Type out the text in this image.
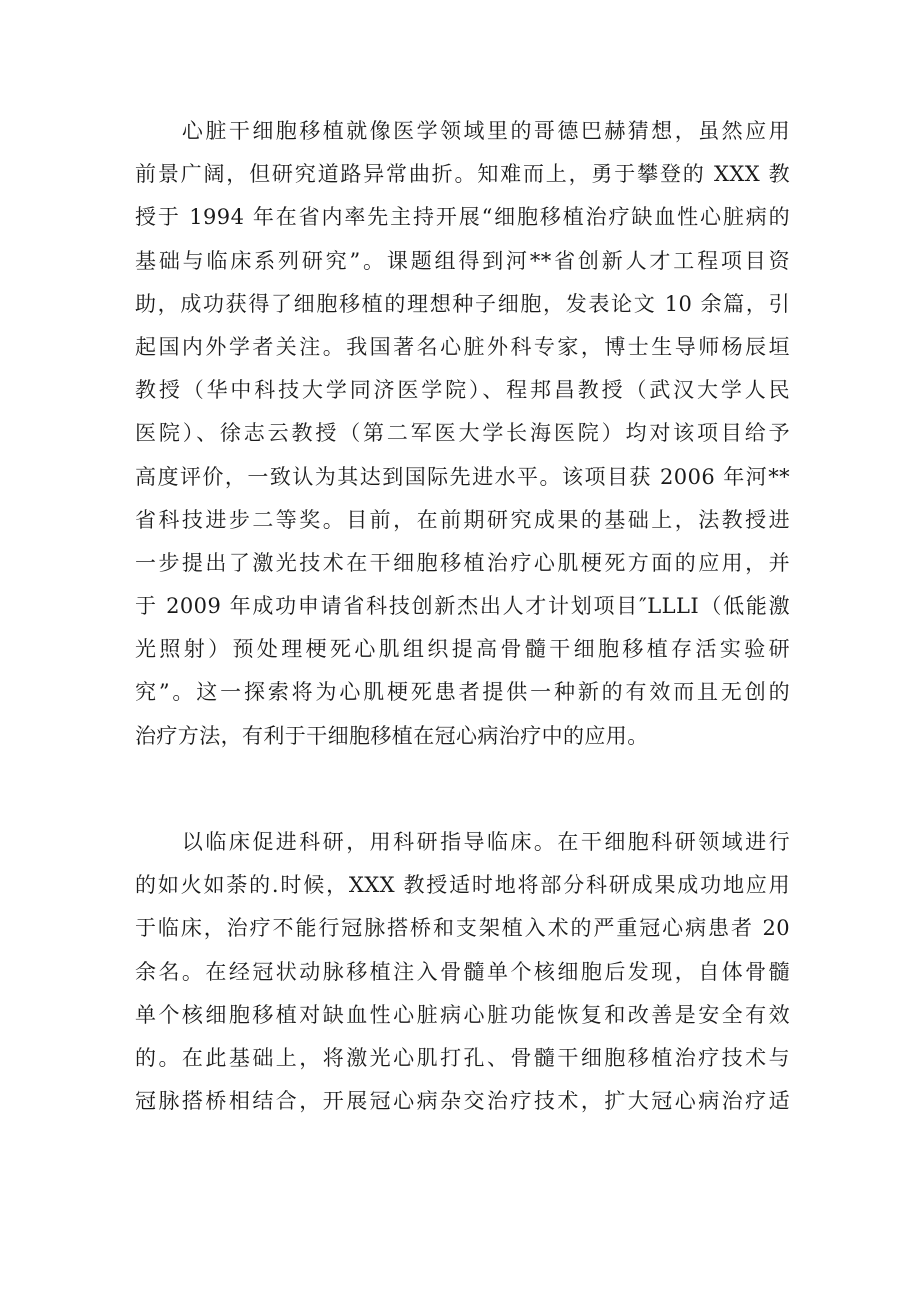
　　心脏干细胞移植就像医学领域里的哥德巴赫猜想，虽然应用
前景广阔，但研究道路异常曲折。知难而上，勇于攀登的 XXX 教
授于 1994 年在省内率先主持开展“细胞移植治疗缺血性心脏病的
基础与临床系列研究”。课题组得到河**省创新人才工程项目资
助，成功获得了细胞移植的理想种子细胞，发表论文 10 余篇，引
起国内外学者关注。我国著名心脏外科专家，博士生导师杨辰垣
教授（华中科技大学同济医学院）、程邦昌教授（武汉大学人民
医院）、徐志云教授（第二军医大学长海医院）均对该项目给予
高度评价，一致认为其达到国际先进水平。该项目获 2006 年河**
省科技进步二等奖。目前，在前期研究成果的基础上，法教授进
一步提出了激光技术在干细胞移植治疗心肌梗死方面的应用，并
于 2009 年成功申请省科技创新杰出人才计划项目″LLLI（低能激
光照射）预处理梗死心肌组织提高骨髓干细胞移植存活实验研
究”。这一探索将为心肌梗死患者提供一种新的有效而且无创的
治疗方法，有利于干细胞移植在冠心病治疗中的应用。

　　以临床促进科研，用科研指导临床。在干细胞科研领域进行
的如火如荼的.时候，XXX 教授适时地将部分科研成果成功地应用
于临床，治疗不能行冠脉搭桥和支架植入术的严重冠心病患者 20
余名。在经冠状动脉移植注入骨髓单个核细胞后发现，自体骨髓
单个核细胞移植对缺血性心脏病心脏功能恢复和改善是安全有效
的。在此基础上，将激光心肌打孔、骨髓干细胞移植治疗技术与
冠脉搭桥相结合，开展冠心病杂交治疗技术，扩大冠心病治疗适
